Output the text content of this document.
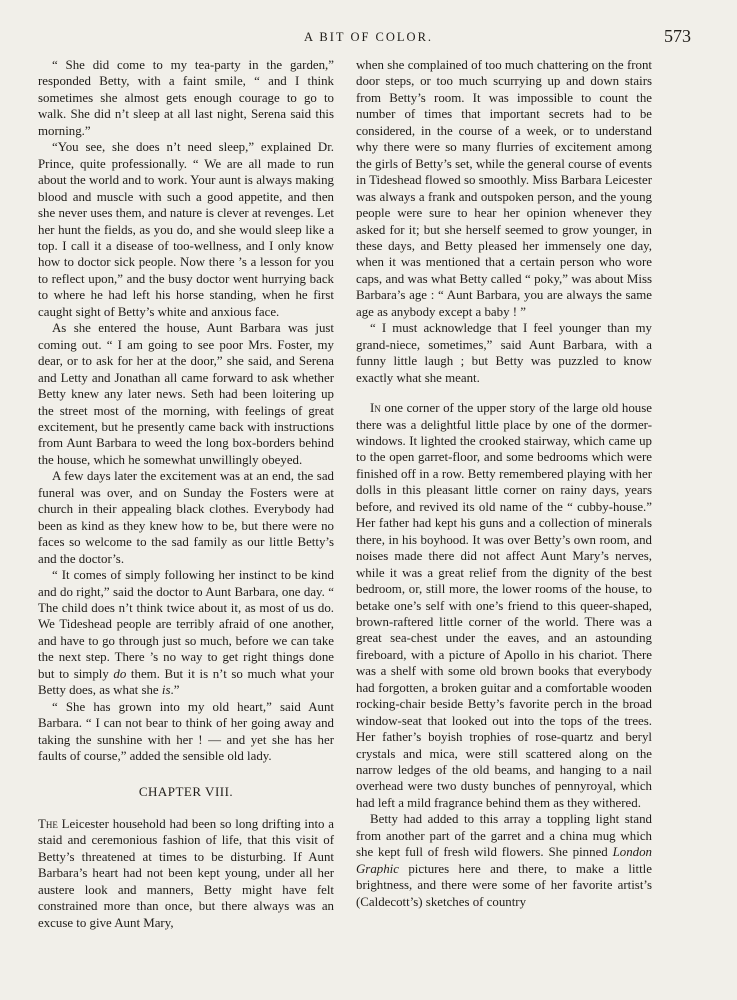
A BIT OF COLOR.	573

“ She did come to my tea-party in the garden,” responded Betty, with a faint smile, “ and I think sometimes she almost gets enough courage to go to walk. She did n’t sleep at all last night, Serena said this morning.”

“You see, she does n’t need sleep,” explained Dr. Prince, quite professionally. “ We are all made to run about the world and to work. Your aunt is always making blood and muscle with such a good appetite, and then she never uses them, and nature is clever at revenges. Let her hunt the fields, as you do, and she would sleep like a top. I call it a disease of too-wellness, and I only know how to doctor sick people. Now there ’s a lesson for you to reflect upon,” and the busy doctor went hurrying back to where he had left his horse standing, when he first caught sight of Betty’s white and anxious face.

As she entered the house, Aunt Barbara was just coming out. “ I am going to see poor Mrs. Foster, my dear, or to ask for her at the door,” she said, and Serena and Letty and Jonathan all came forward to ask whether Betty knew any later news. Seth had been loitering up the street most of the morning, with feelings of great excitement, but he presently came back with instructions from Aunt Barbara to weed the long box-borders behind the house, which he somewhat unwillingly obeyed.

A few days later the excitement was at an end, the sad funeral was over, and on Sunday the Fosters were at church in their appealing black clothes. Everybody had been as kind as they knew how to be, but there were no faces so welcome to the sad family as our little Betty’s and the doctor’s.

“ It comes of simply following her instinct to be kind and do right,” said the doctor to Aunt Barbara, one day. “ The child does n’t think twice about it, as most of us do. We Tideshead people are terribly afraid of one another, and have to go through just so much, before we can take the next step. There ’s no way to get right things done but to simply do them. But it is n’t so much what your Betty does, as what she is.”

“ She has grown into my old heart,” said Aunt Barbara. “ I can not bear to think of her going away and taking the sunshine with her ! — and yet she has her faults of course,” added the sensible old lady.

CHAPTER VIII.

The Leicester household had been so long drifting into a staid and ceremonious fashion of life, that this visit of Betty’s threatened at times to be disturbing. If Aunt Barbara’s heart had not been kept young, under all her austere look and manners, Betty might have felt constrained more than once, but there always was an excuse to give Aunt Mary,

when she complained of too much chattering on the front door steps, or too much scurrying up and down stairs from Betty’s room. It was impossible to count the number of times that important secrets had to be considered, in the course of a week, or to understand why there were so many flurries of excitement among the girls of Betty’s set, while the general course of events in Tideshead flowed so smoothly. Miss Barbara Leicester was always a frank and outspoken person, and the young people were sure to hear her opinion whenever they asked for it; but she herself seemed to grow younger, in these days, and Betty pleased her immensely one day, when it was mentioned that a certain person who wore caps, and was what Betty called “ poky,” was about Miss Barbara’s age : “ Aunt Barbara, you are always the same age as anybody except a baby ! ”

“ I must acknowledge that I feel younger than my grand-niece, sometimes,” said Aunt Barbara, with a funny little laugh ; but Betty was puzzled to know exactly what she meant.

In one corner of the upper story of the large old house there was a delightful little place by one of the dormer-windows. It lighted the crooked stairway, which came up to the open garret-floor, and some bedrooms which were finished off in a row. Betty remembered playing with her dolls in this pleasant little corner on rainy days, years before, and revived its old name of the “ cubby-house.” Her father had kept his guns and a collection of minerals there, in his boyhood. It was over Betty’s own room, and noises made there did not affect Aunt Mary’s nerves, while it was a great relief from the dignity of the best bedroom, or, still more, the lower rooms of the house, to betake one’s self with one’s friend to this queer-shaped, brown-raftered little corner of the world. There was a great sea-chest under the eaves, and an astounding fireboard, with a picture of Apollo in his chariot. There was a shelf with some old brown books that everybody had forgotten, a broken guitar and a comfortable wooden rocking-chair beside Betty’s favorite perch in the broad window-seat that looked out into the tops of the trees. Her father’s boyish trophies of rose-quartz and beryl crystals and mica, were still scattered along on the narrow ledges of the old beams, and hanging to a nail overhead were two dusty bunches of pennyroyal, which had left a mild fragrance behind them as they withered.

Betty had added to this array a toppling light stand from another part of the garret and a china mug which she kept full of fresh wild flowers. She pinned London Graphic pictures here and there, to make a little brightness, and there were some of her favorite artist’s (Caldecott’s) sketches of country
